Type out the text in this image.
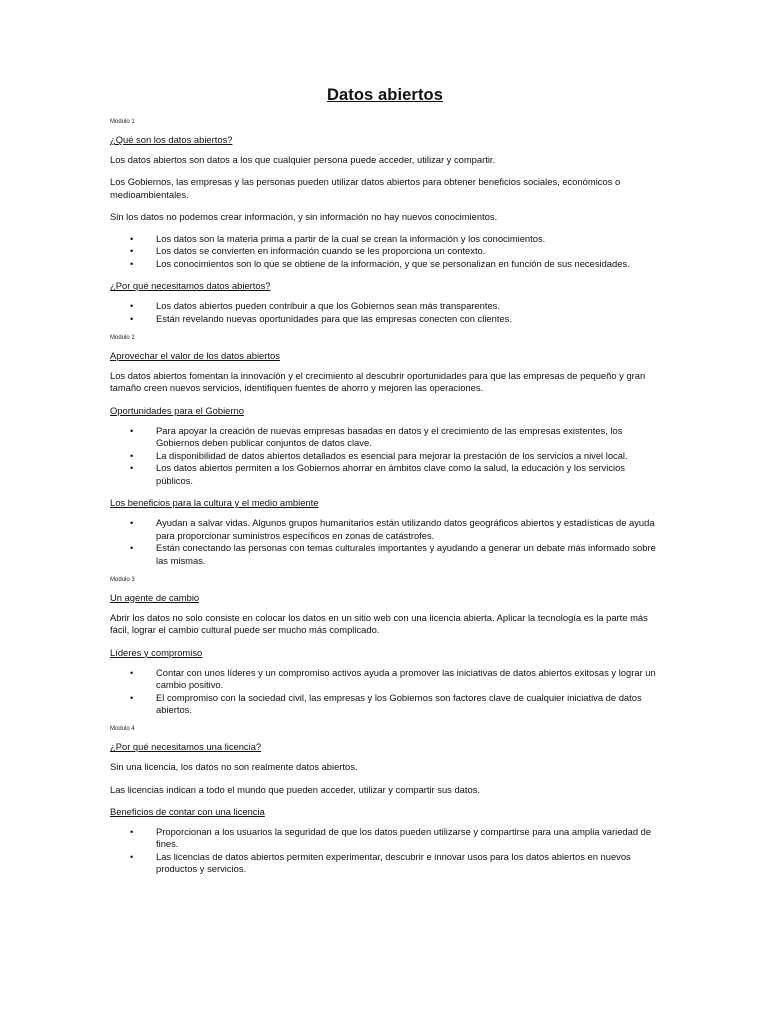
Datos abiertos
Modulo 1
¿Qué son los datos abiertos?

Los datos abiertos son datos a los que cualquier persona puede acceder, utilizar y compartir.

Los Gobiernos, las empresas y las personas pueden utilizar datos abiertos para obtener beneficios sociales, económicos o medioambientales.

Sin los datos no podemos crear información, y sin información no hay nuevos conocimientos.

• Los datos son la materia prima a partir de la cual se crean la información y los conocimientos.
• Los datos se convierten en información cuando se les proporciona un contexto.
• Los conocimientos son lo que se obtiene de la información, y que se personalizan en función de sus necesidades.
¿Por qué necesitamos datos abiertos?
• Los datos abiertos pueden contribuir a que los Gobiernos sean más transparentes.
• Están revelando nuevas oportunidades para que las empresas conecten con clientes.
Modulo 2
Aprovechar el valor de los datos abiertos

Los datos abiertos fomentan la innovación y el crecimiento al descubrir oportunidades para que las empresas de pequeño y gran tamaño creen nuevos servicios, identifiquen fuentes de ahorro y mejoren las operaciones.

Oportunidades para el Gobierno
• Para apoyar la creación de nuevas empresas basadas en datos y el crecimiento de las empresas existentes, los Gobiernos deben publicar conjuntos de datos clave.
• La disponibilidad de datos abiertos detallados es esencial para mejorar la prestación de los servicios a nivel local.
• Los datos abiertos permiten a los Gobiernos ahorrar en ámbitos clave como la salud, la educación y los servicios públicos.
Los beneficios para la cultura y el medio ambiente
• Ayudan a salvar vidas. Algunos grupos humanitarios están utilizando datos geográficos abiertos y estadísticas de ayuda para proporcionar suministros específicos en zonas de catástrofes.
• Están conectando las personas con temas culturales importantes y ayudando a generar un debate más informado sobre las mismas.
Modulo 3
Un agente de cambio

Abrir los datos no solo consiste en colocar los datos en un sitio web con una licencia abierta. Aplicar la tecnología es la parte más fácil, lograr el cambio cultural puede ser mucho más complicado.

Líderes y compromiso
• Contar con unos líderes y un compromiso activos ayuda a promover las iniciativas de datos abiertos exitosas y lograr un cambio positivo.
• El compromiso con la sociedad civil, las empresas y los Gobiernos son factores clave de cualquier iniciativa de datos abiertos.
Modulo 4
¿Por qué necesitamos una licencia?

Sin una licencia, los datos no son realmente datos abiertos.

Las licencias indican a todo el mundo que pueden acceder, utilizar y compartir sus datos.

Beneficios de contar con una licencia
• Proporcionan a los usuarios la seguridad de que los datos pueden utilizarse y compartirse para una amplia variedad de fines.
• Las licencias de datos abiertos permiten experimentar, descubrir e innovar usos para los datos abiertos en nuevos productos y servicios.
